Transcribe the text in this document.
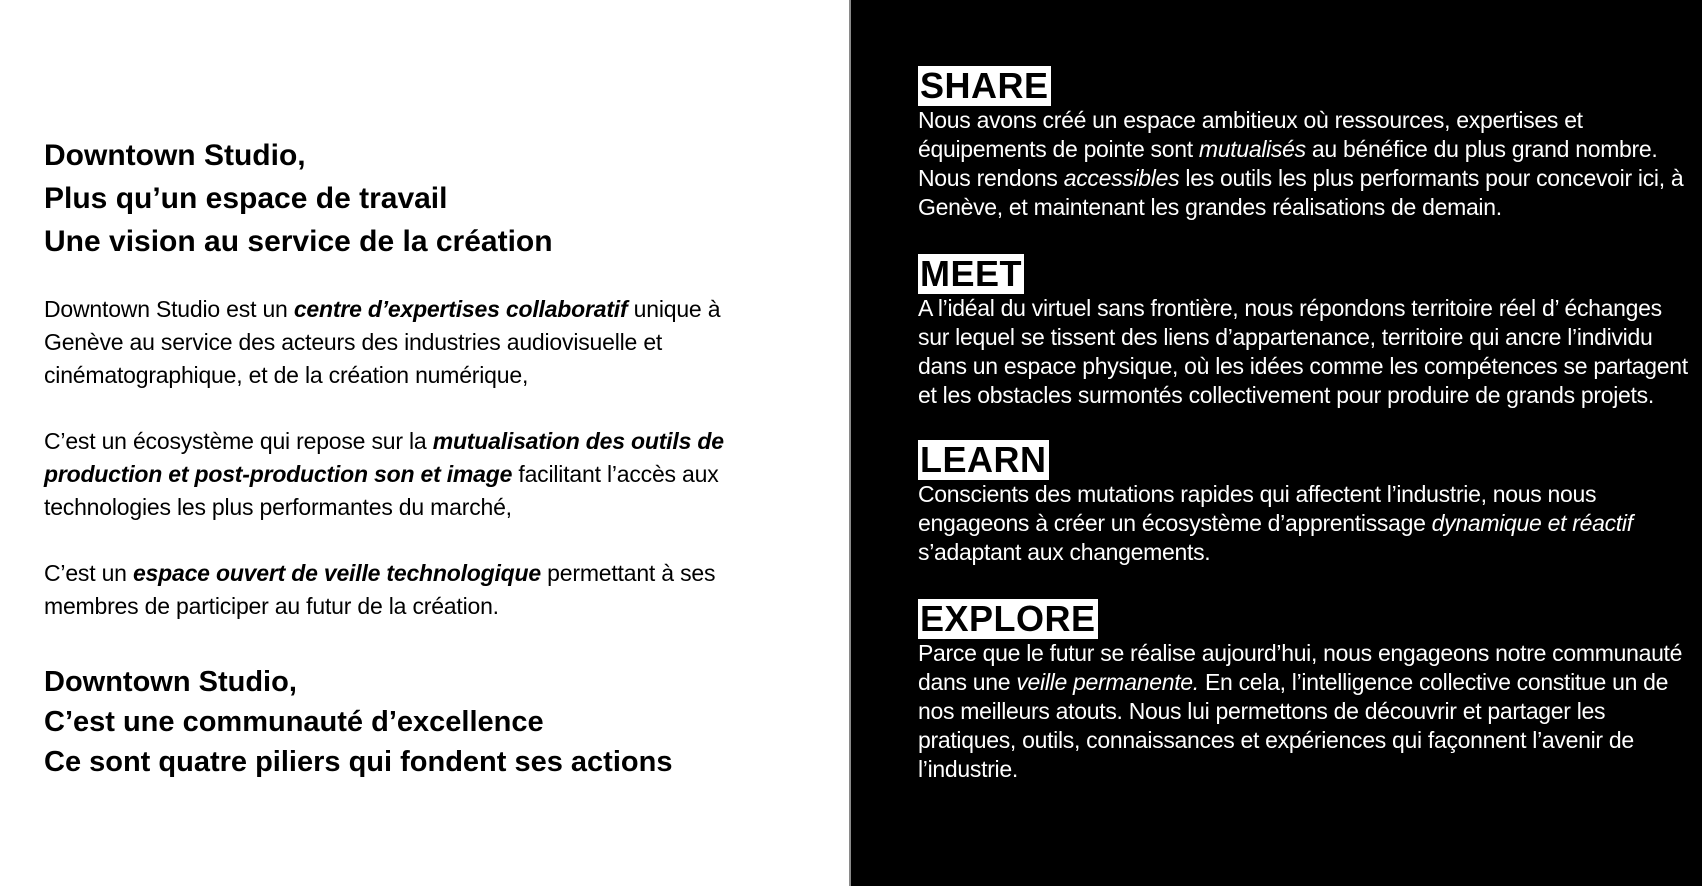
Downtown Studio,
Plus qu’un espace de travail
Une vision au service de la création

Downtown Studio est un centre d’expertises collaboratif unique à Genève au service des acteurs des industries audiovisuelle et cinématographique, et de la création numérique,

C’est un écosystème qui repose sur la mutualisation des outils de production et post-production son et image facilitant l’accès aux technologies les plus performantes du marché,

C’est un espace ouvert de veille technologique permettant à ses membres de participer au futur de la création.

Downtown Studio,
C’est une communauté d’excellence
Ce sont quatre piliers qui fondent ses actions
SHARE

Nous avons créé un espace ambitieux où ressources, expertises et équipements de pointe sont mutualisés au bénéfice du plus grand nombre. Nous rendons accessibles les outils les plus performants pour concevoir ici, à Genève, et maintenant les grandes réalisations de demain.

MEET

A l’idéal du virtuel sans frontière, nous répondons territoire réel d’ échanges sur lequel se tissent des liens d’appartenance, territoire qui ancre l’individu dans un espace physique, où les idées comme les compétences se partagent et les obstacles surmontés collectivement pour produire de grands projets.

LEARN

Conscients des mutations rapides qui affectent l’industrie, nous nous engageons à créer un écosystème d’apprentissage dynamique et réactif s’adaptant aux changements.

EXPLORE

Parce que le futur se réalise aujourd’hui, nous engageons notre communauté dans une veille permanente. En cela, l’intelligence collective constitue un de nos meilleurs atouts. Nous lui permettons de découvrir et partager les pratiques, outils, connaissances et expériences qui façonnent l’avenir de l’industrie.
